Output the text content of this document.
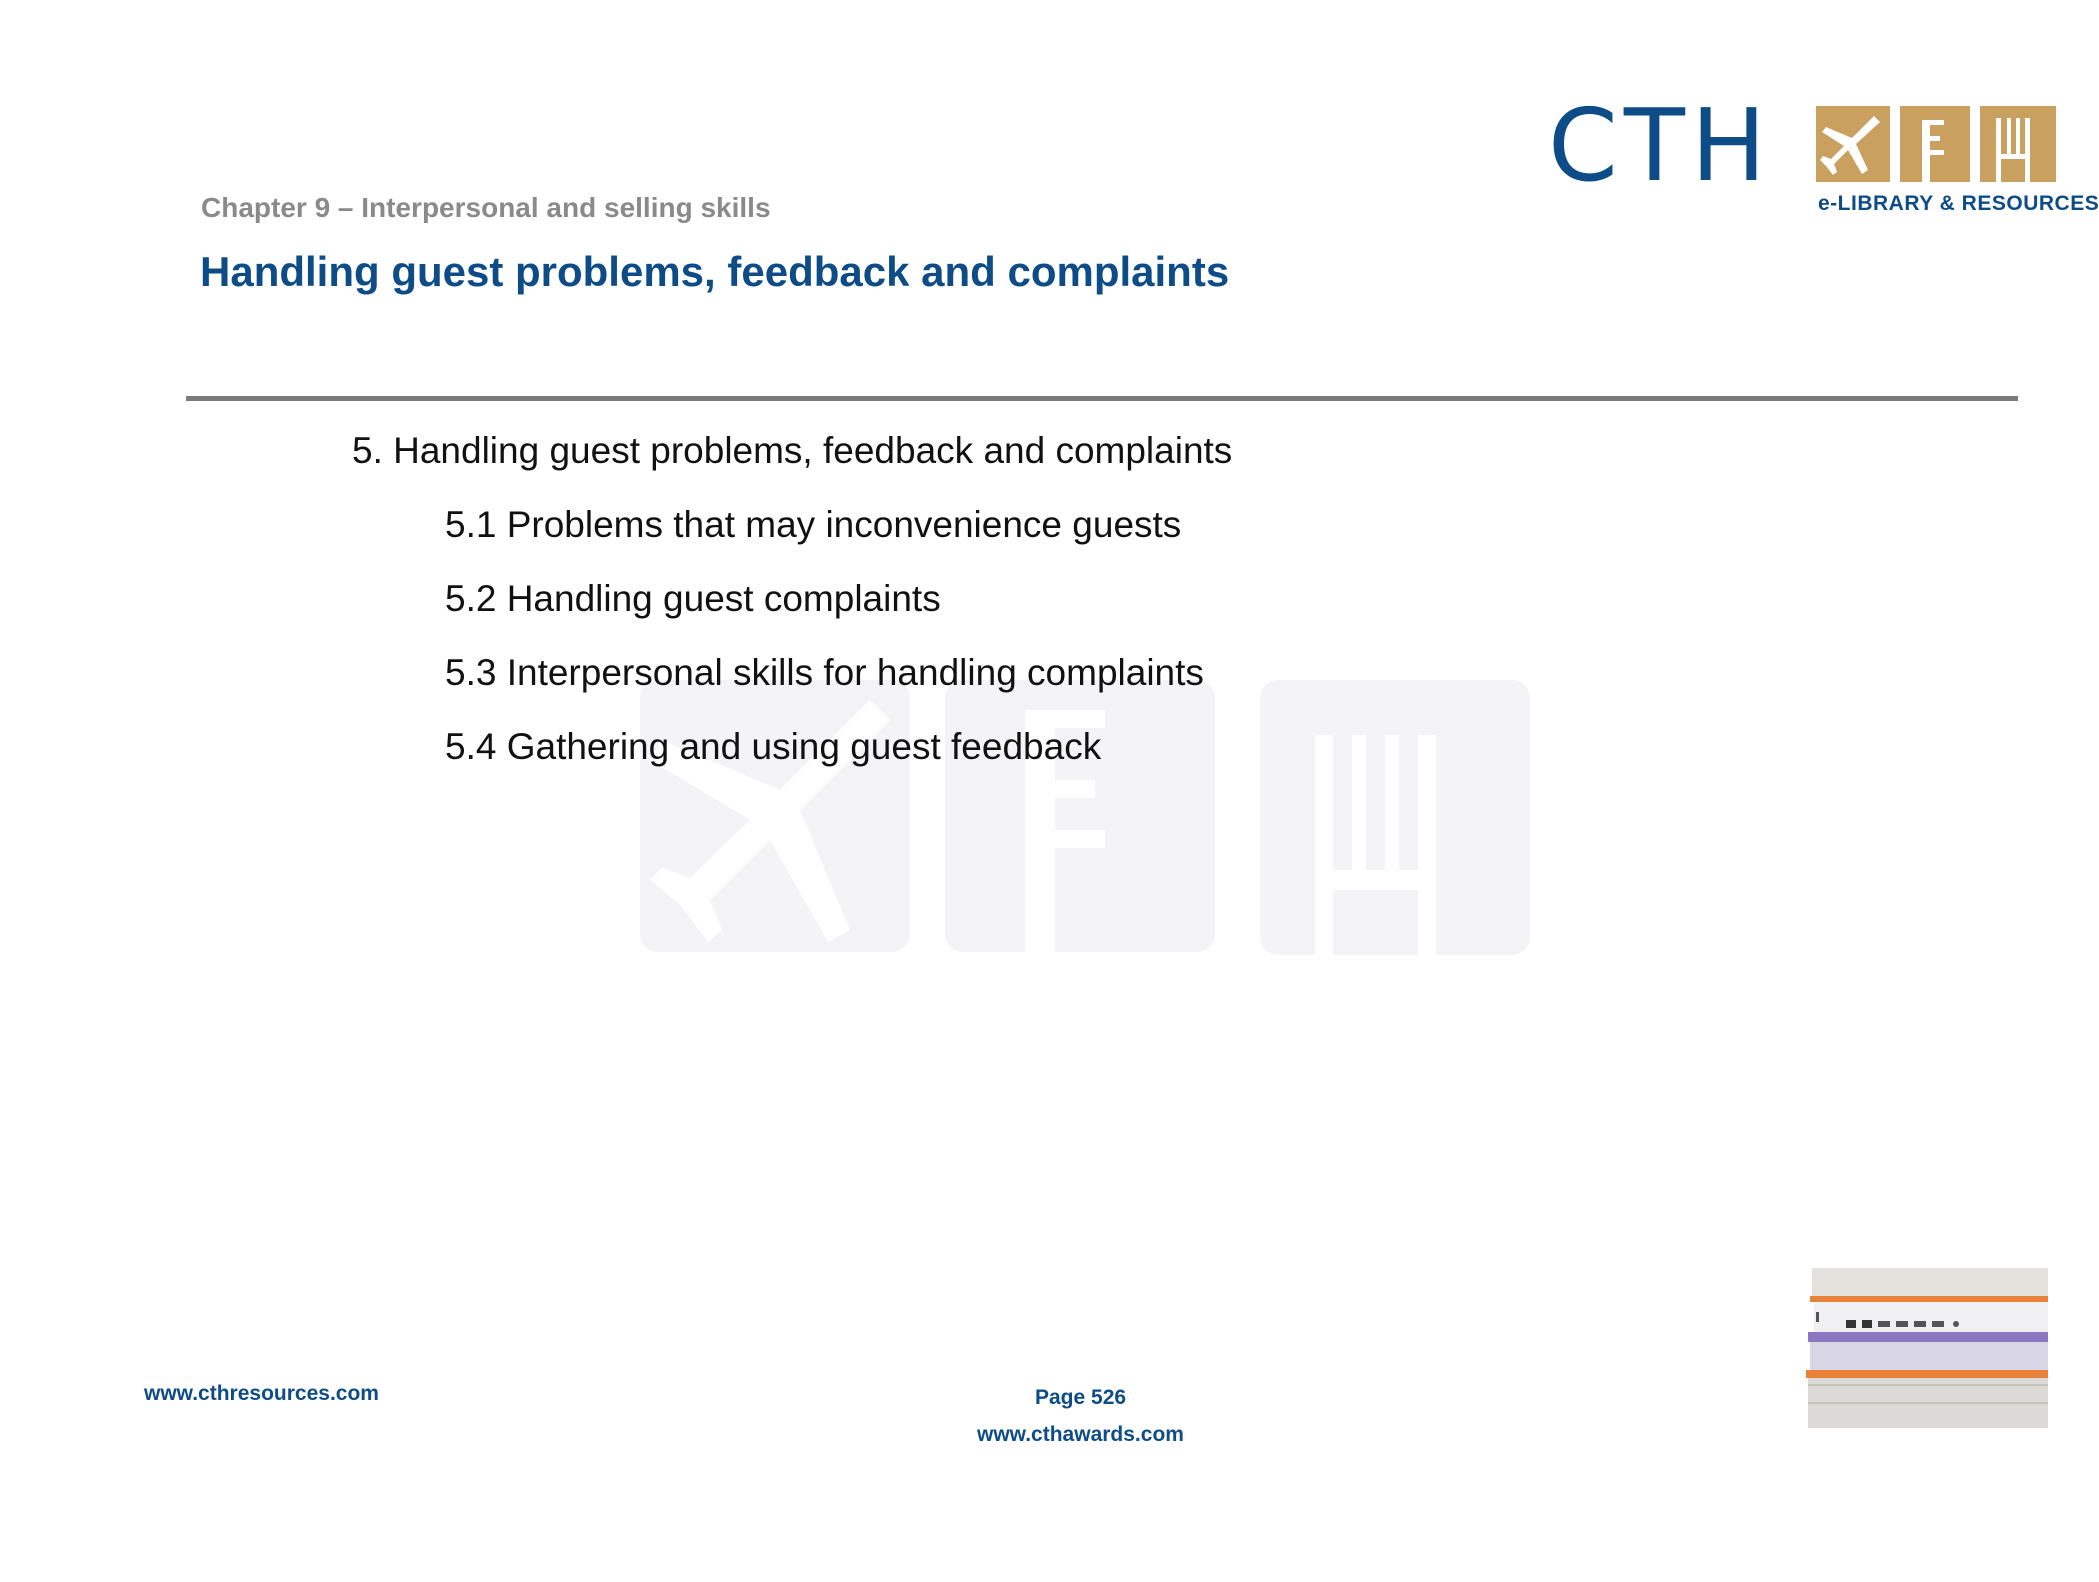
CTH e-LIBRARY & RESOURCES
Chapter 9 – Interpersonal and selling skills
Handling guest problems, feedback and complaints
5. Handling guest problems, feedback and complaints
5.1 Problems that may inconvenience guests
5.2 Handling guest complaints
5.3 Interpersonal skills for handling complaints
5.4 Gathering and using guest feedback
www.cthresources.com	Page 526
www.cthawards.com
